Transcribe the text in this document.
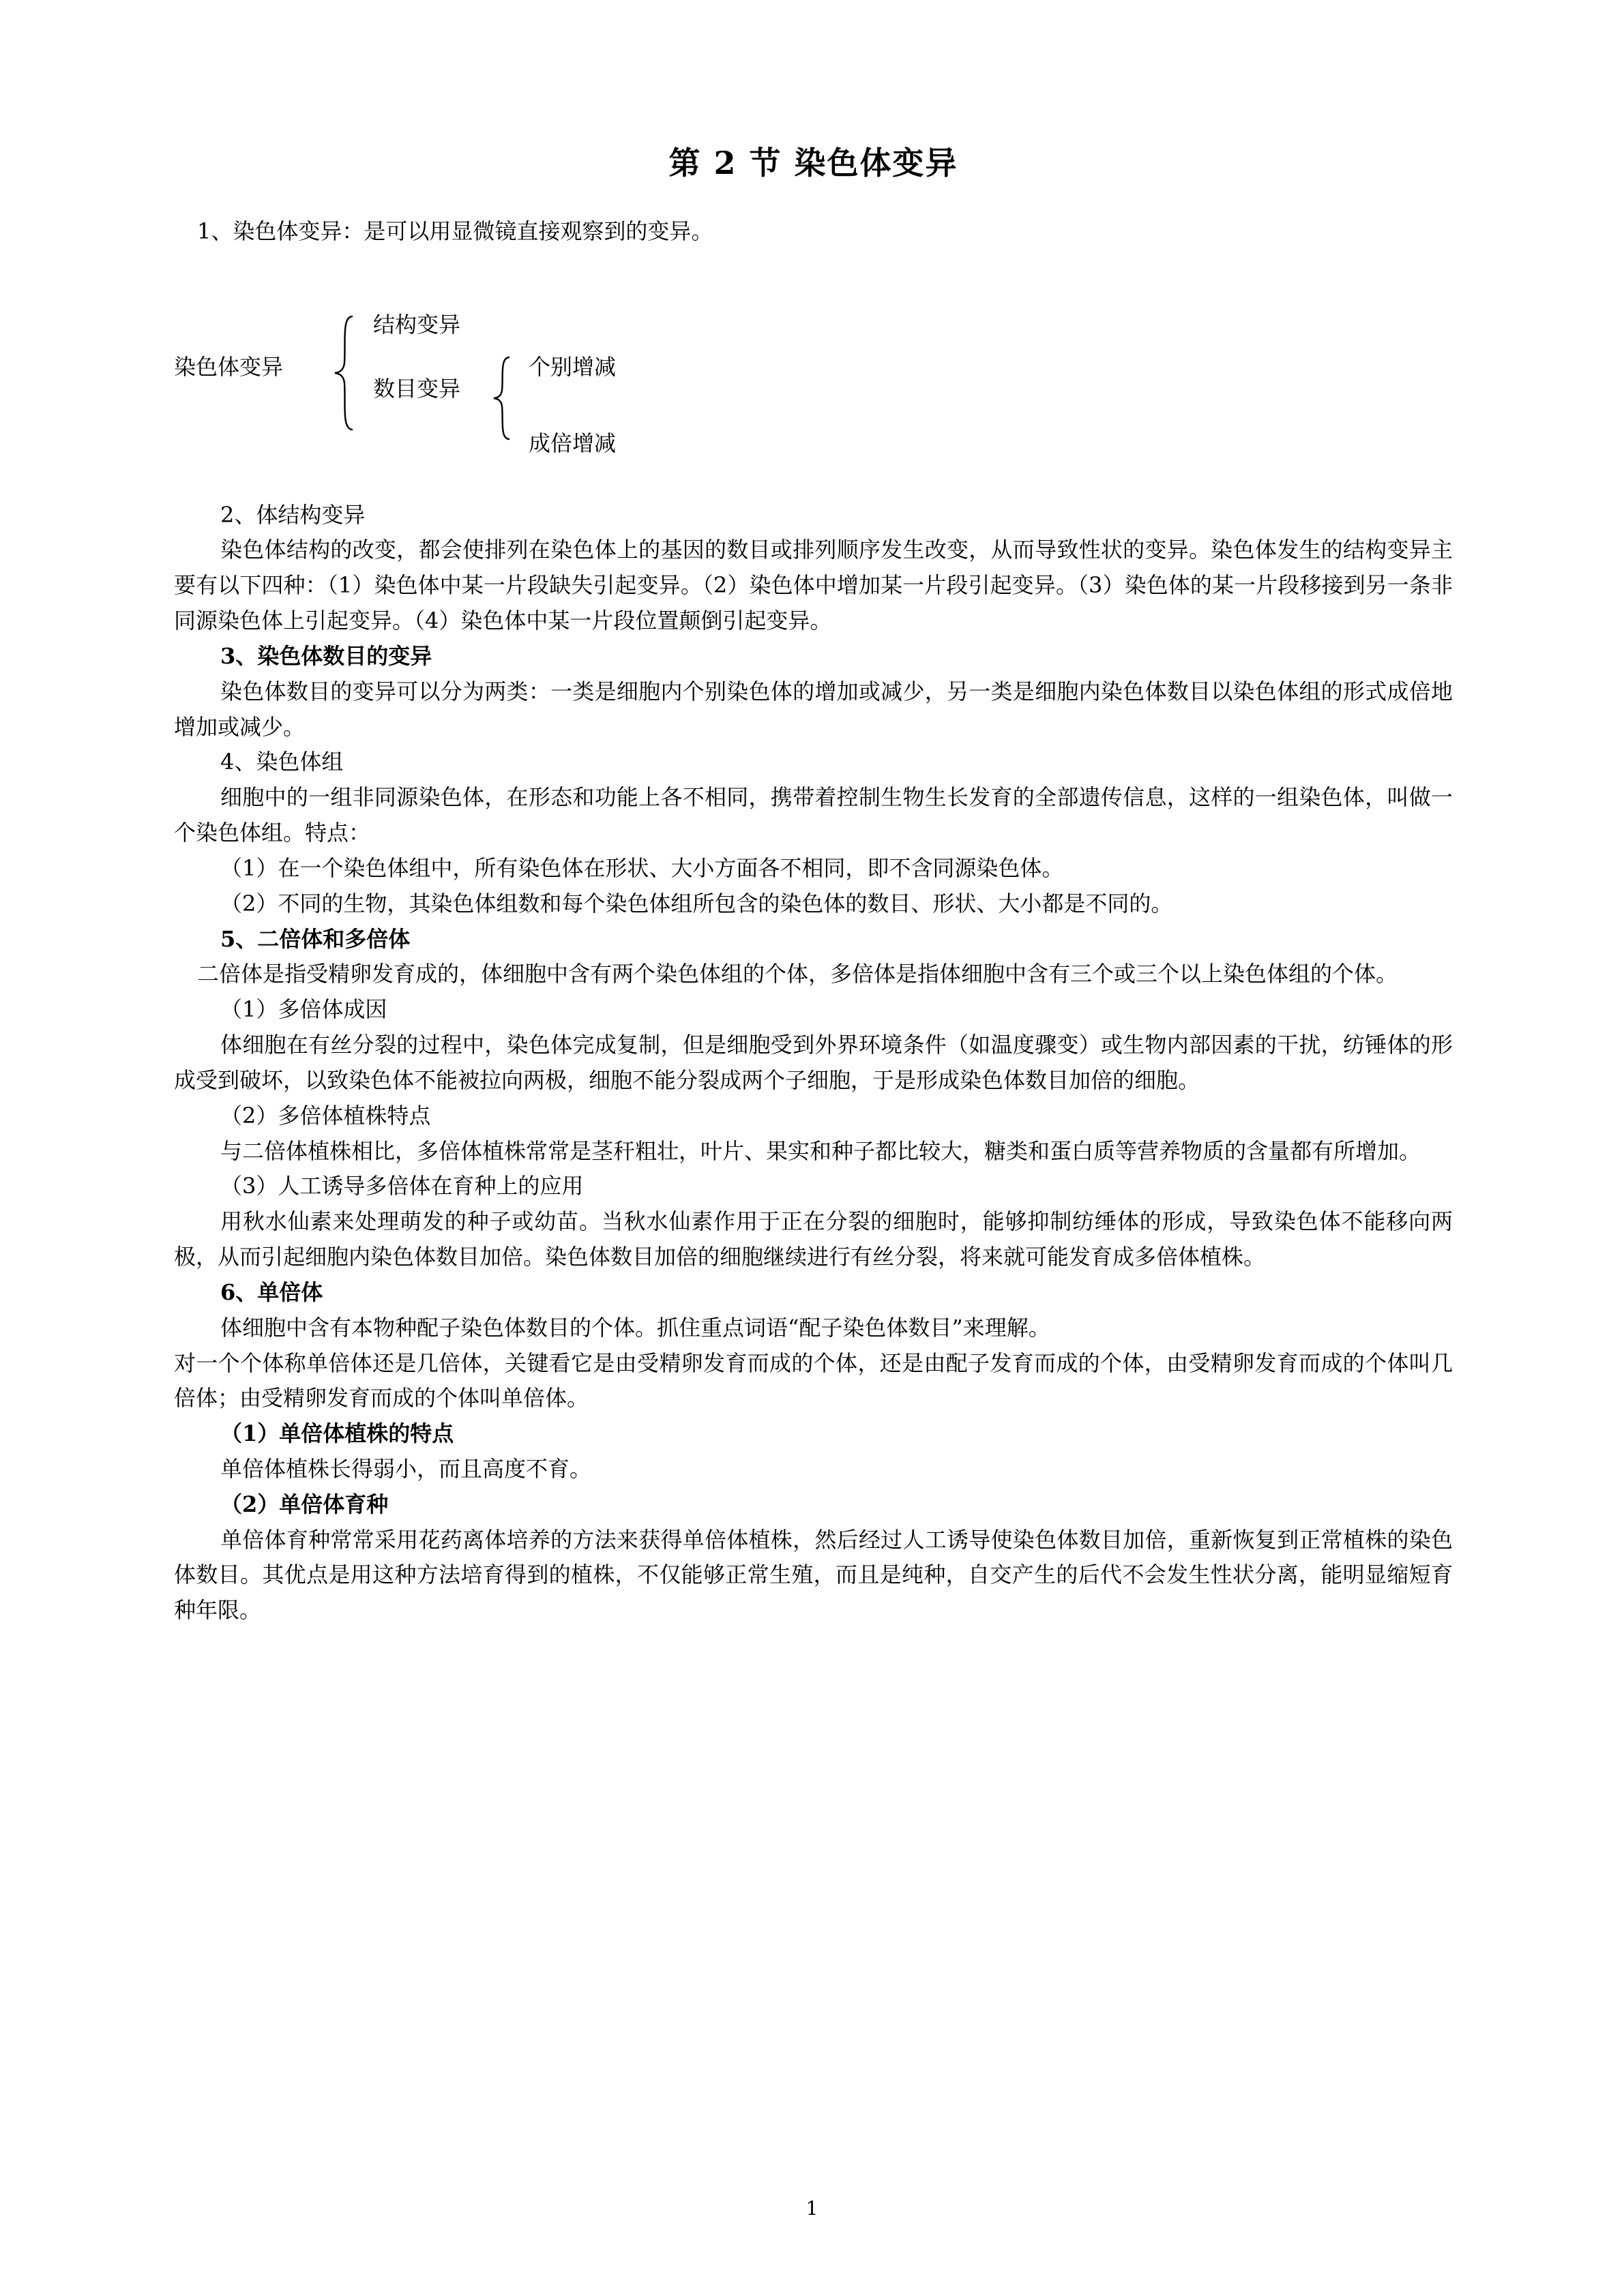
第 2 节 染色体变异

1、染色体变异：是可以用显微镜直接观察到的变异。

染色体变异
结构变异
数目变异
个别增减
成倍增减

2、体结构变异

染色体结构的改变，都会使排列在染色体上的基因的数目或排列顺序发生改变，从而导致性状的变异。染色体发生的结构变异主要有以下四种：（1）染色体中某一片段缺失引起变异。（2）染色体中增加某一片段引起变异。（3）染色体的某一片段移接到另一条非同源染色体上引起变异。（4）染色体中某一片段位置颠倒引起变异。

3、染色体数目的变异

染色体数目的变异可以分为两类：一类是细胞内个别染色体的增加或减少，另一类是细胞内染色体数目以染色体组的形式成倍地增加或减少。

4、染色体组

细胞中的一组非同源染色体，在形态和功能上各不相同，携带着控制生物生长发育的全部遗传信息，这样的一组染色体，叫做一个染色体组。特点：

（1）在一个染色体组中，所有染色体在形状、大小方面各不相同，即不含同源染色体。

（2）不同的生物，其染色体组数和每个染色体组所包含的染色体的数目、形状、大小都是不同的。

5、二倍体和多倍体

二倍体是指受精卵发育成的，体细胞中含有两个染色体组的个体，多倍体是指体细胞中含有三个或三个以上染色体组的个体。

（1）多倍体成因

体细胞在有丝分裂的过程中，染色体完成复制，但是细胞受到外界环境条件（如温度骤变）或生物内部因素的干扰，纺锤体的形成受到破坏，以致染色体不能被拉向两极，细胞不能分裂成两个子细胞，于是形成染色体数目加倍的细胞。

（2）多倍体植株特点

与二倍体植株相比，多倍体植株常常是茎秆粗壮，叶片、果实和种子都比较大，糖类和蛋白质等营养物质的含量都有所增加。

（3）人工诱导多倍体在育种上的应用

用秋水仙素来处理萌发的种子或幼苗。当秋水仙素作用于正在分裂的细胞时，能够抑制纺缍体的形成，导致染色体不能移向两极，从而引起细胞内染色体数目加倍。染色体数目加倍的细胞继续进行有丝分裂，将来就可能发育成多倍体植株。

6、单倍体

体细胞中含有本物种配子染色体数目的个体。抓住重点词语“配子染色体数目”来理解。

对一个个体称单倍体还是几倍体，关键看它是由受精卵发育而成的个体，还是由配子发育而成的个体，由受精卵发育而成的个体叫几倍体；由受精卵发育而成的个体叫单倍体。

（1）单倍体植株的特点

单倍体植株长得弱小，而且高度不育。

（2）单倍体育种

单倍体育种常常采用花药离体培养的方法来获得单倍体植株，然后经过人工诱导使染色体数目加倍，重新恢复到正常植株的染色体数目。其优点是用这种方法培育得到的植株，不仅能够正常生殖，而且是纯种，自交产生的后代不会发生性状分离，能明显缩短育种年限。

1
